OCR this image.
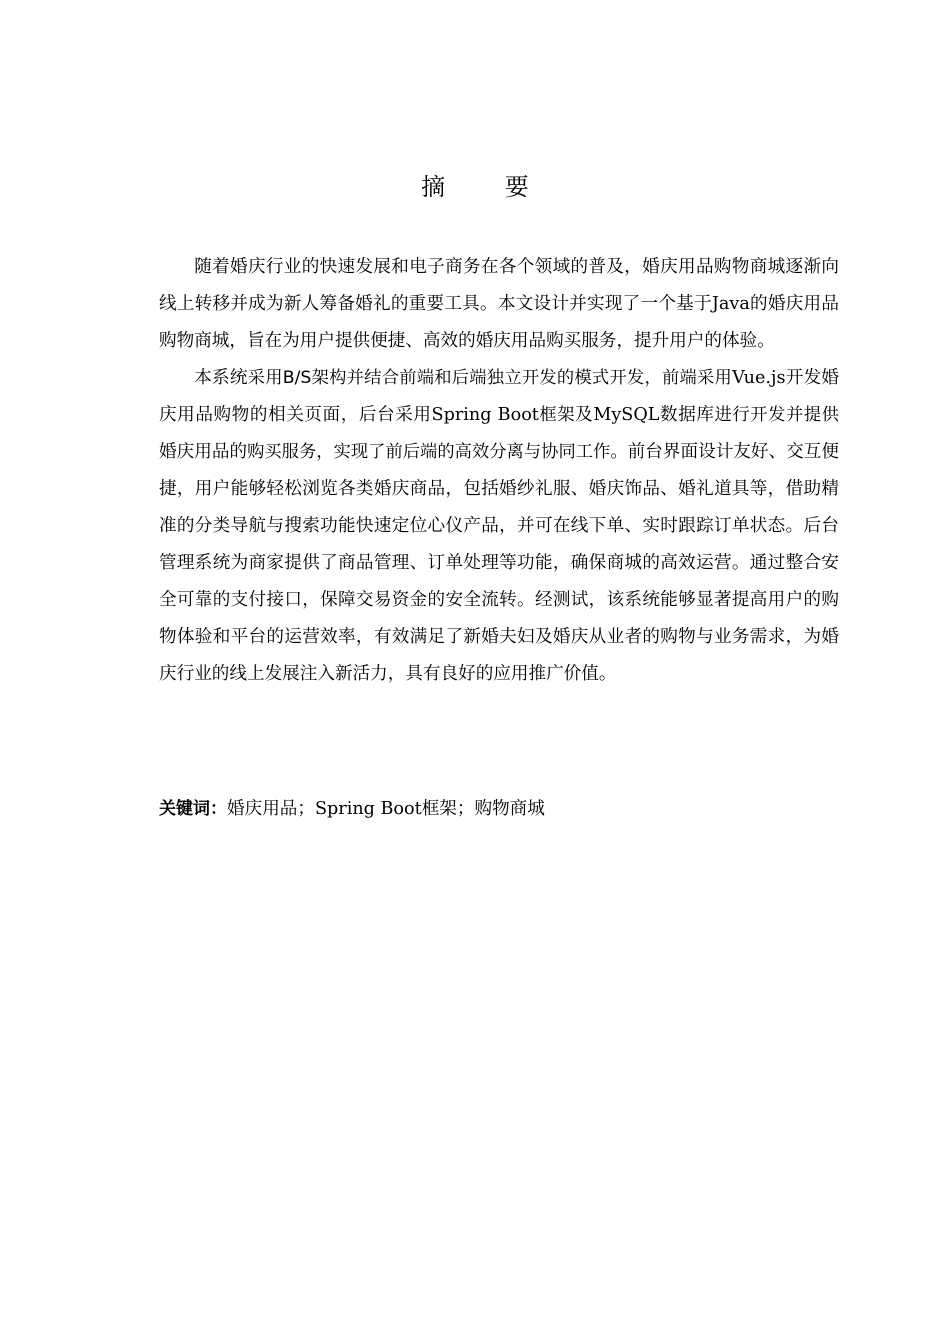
摘 要

随着婚庆行业的快速发展和电子商务在各个领域的普及，婚庆用品购物商城逐渐向线上转移并成为新人筹备婚礼的重要工具。本文设计并实现了一个基于Java的婚庆用品购物商城，旨在为用户提供便捷、高效的婚庆用品购买服务，提升用户的体验。

本系统采用B/S架构并结合前端和后端独立开发的模式开发，前端采用Vue.js开发婚庆用品购物的相关页面，后台采用Spring Boot框架及MySQL数据库进行开发并提供婚庆用品的购买服务，实现了前后端的高效分离与协同工作。前台界面设计友好、交互便捷，用户能够轻松浏览各类婚庆商品，包括婚纱礼服、婚庆饰品、婚礼道具等，借助精准的分类导航与搜索功能快速定位心仪产品，并可在线下单、实时跟踪订单状态。后台管理系统为商家提供了商品管理、订单处理等功能，确保商城的高效运营。通过整合安全可靠的支付接口，保障交易资金的安全流转。经测试，该系统能够显著提高用户的购物体验和平台的运营效率，有效满足了新婚夫妇及婚庆从业者的购物与业务需求，为婚庆行业的线上发展注入新活力，具有良好的应用推广价值。

关键词：婚庆用品；Spring Boot框架；购物商城
